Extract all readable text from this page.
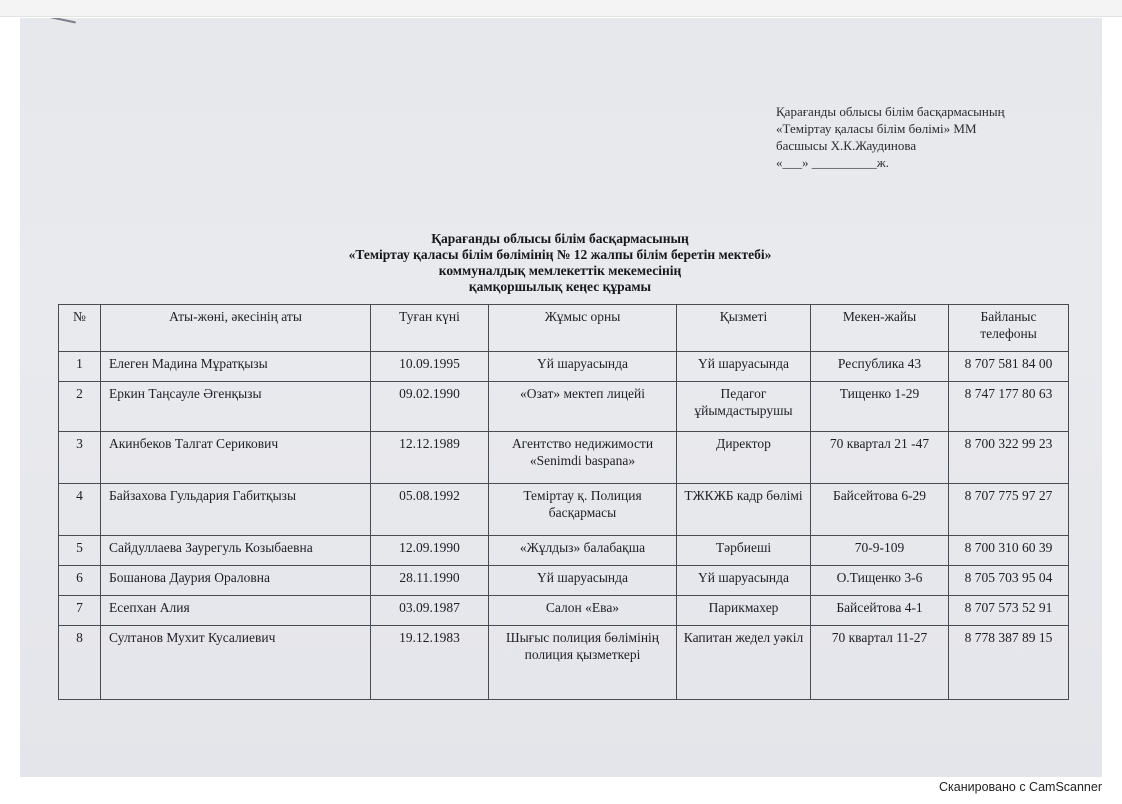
Қарағанды облысы білім басқармасының
«Теміртау қаласы білім бөлімі» ММ
басшысы Х.К.Жаудинова
«___» __________ж.
Қарағанды облысы білім басқармасының
«Теміртау қаласы білім бөлімінің № 12 жалпы білім беретін мектебі»
коммуналдық мемлекеттік мекемесінің
қамқоршылық кеңес құрамы
№	Аты-жөні, әкесінің аты	Туған күні	Жұмыс орны	Қызметі	Мекен-жайы	Байланыс телефоны
1	Елеген Мадина Мұратқызы	10.09.1995	Үй шаруасында	Үй шаруасында	Республика 43	8 707 581 84 00
2	Еркин Таңсауле Әгенқызы	09.02.1990	«Озат» мектеп лицейі	Педагог ұйымдастырушы	Тищенко 1-29	8 747 177 80 63
3	Акинбеков Талгат Серикович	12.12.1989	Агентство недижимости «Senimdi baspana»	Директор	70 квартал 21 -47	8 700 322 99 23
4	Байзахова Гульдария Габитқызы	05.08.1992	Теміртау қ. Полиция басқармасы	ТЖКЖБ кадр бөлімі	Байсейтова 6-29	8 707 775 97 27
5	Сайдуллаева Заурегуль Козыбаевна	12.09.1990	«Жұлдыз» балабақша	Тәрбиеші	70-9-109	8 700 310 60 39
6	Бошанова Даурия Ораловна	28.11.1990	Үй шаруасында	Үй шаруасында	О.Тищенко 3-6	8 705 703 95 04
7	Есепхан Алия	03.09.1987	Салон «Ева»	Парикмахер	Байсейтова 4-1	8 707 573 52 91
8	Султанов Мухит Кусалиевич	19.12.1983	Шығыс полиция бөлімінің полиция қызметкері	Капитан жедел уәкіл	70 квартал 11-27	8 778 387 89 15
Сканировано с CamScanner
